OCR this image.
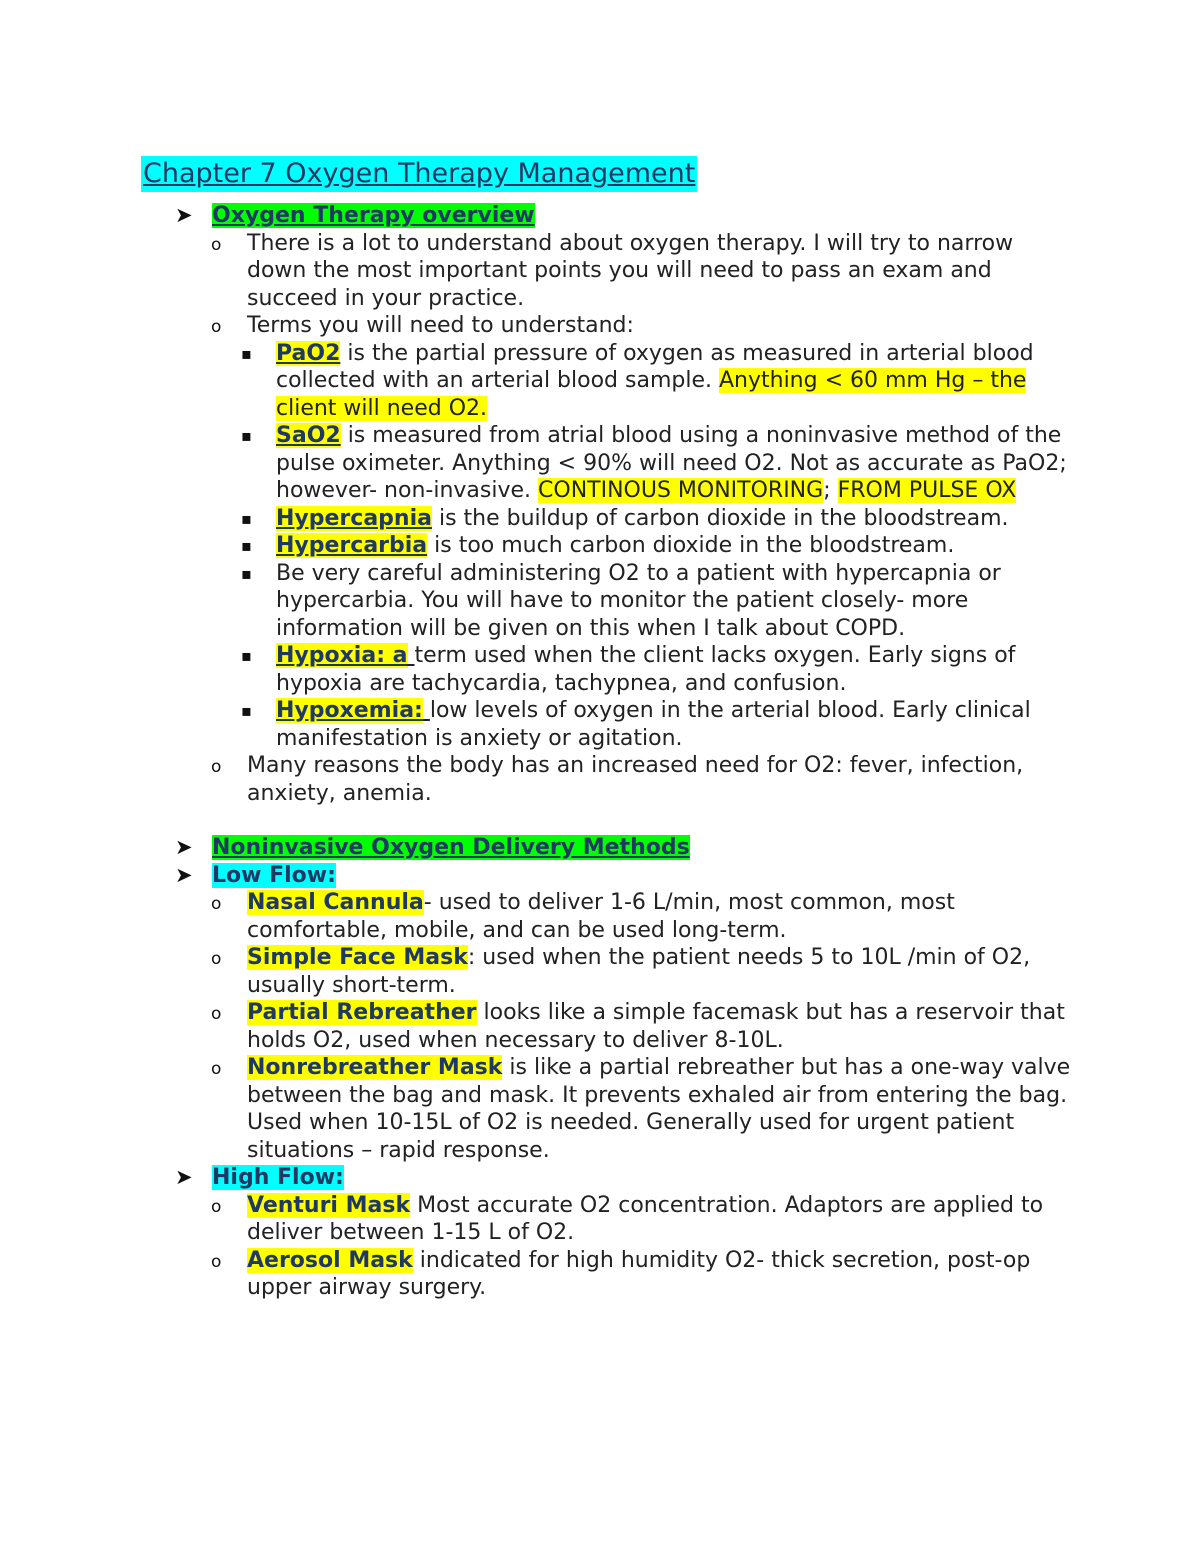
Chapter 7 Oxygen Therapy Management
➤ Oxygen Therapy overview
o There is a lot to understand about oxygen therapy. I will try to narrow down the most important points you will need to pass an exam and succeed in your practice.
o Terms you will need to understand:
▪ PaO2 is the partial pressure of oxygen as measured in arterial blood collected with an arterial blood sample. Anything < 60 mm Hg – the client will need O2.
▪ SaO2 is measured from atrial blood using a noninvasive method of the pulse oximeter. Anything < 90% will need O2. Not as accurate as PaO2; however- non-invasive. CONTINOUS MONITORING; FROM PULSE OX
▪ Hypercapnia is the buildup of carbon dioxide in the bloodstream.
▪ Hypercarbia is too much carbon dioxide in the bloodstream.
▪ Be very careful administering O2 to a patient with hypercapnia or hypercarbia. You will have to monitor the patient closely- more information will be given on this when I talk about COPD.
▪ Hypoxia: a term used when the client lacks oxygen. Early signs of hypoxia are tachycardia, tachypnea, and confusion.
▪ Hypoxemia: low levels of oxygen in the arterial blood. Early clinical manifestation is anxiety or agitation.
o Many reasons the body has an increased need for O2: fever, infection, anxiety, anemia.
➤ Noninvasive Oxygen Delivery Methods
➤ Low Flow:
o Nasal Cannula- used to deliver 1-6 L/min, most common, most comfortable, mobile, and can be used long-term.
o Simple Face Mask: used when the patient needs 5 to 10L /min of O2, usually short-term.
o Partial Rebreather looks like a simple facemask but has a reservoir that holds O2, used when necessary to deliver 8-10L.
o Nonrebreather Mask is like a partial rebreather but has a one-way valve between the bag and mask. It prevents exhaled air from entering the bag. Used when 10-15L of O2 is needed. Generally used for urgent patient situations – rapid response.
➤ High Flow:
o Venturi Mask Most accurate O2 concentration. Adaptors are applied to deliver between 1-15 L of O2.
o Aerosol Mask indicated for high humidity O2- thick secretion, post-op upper airway surgery.
